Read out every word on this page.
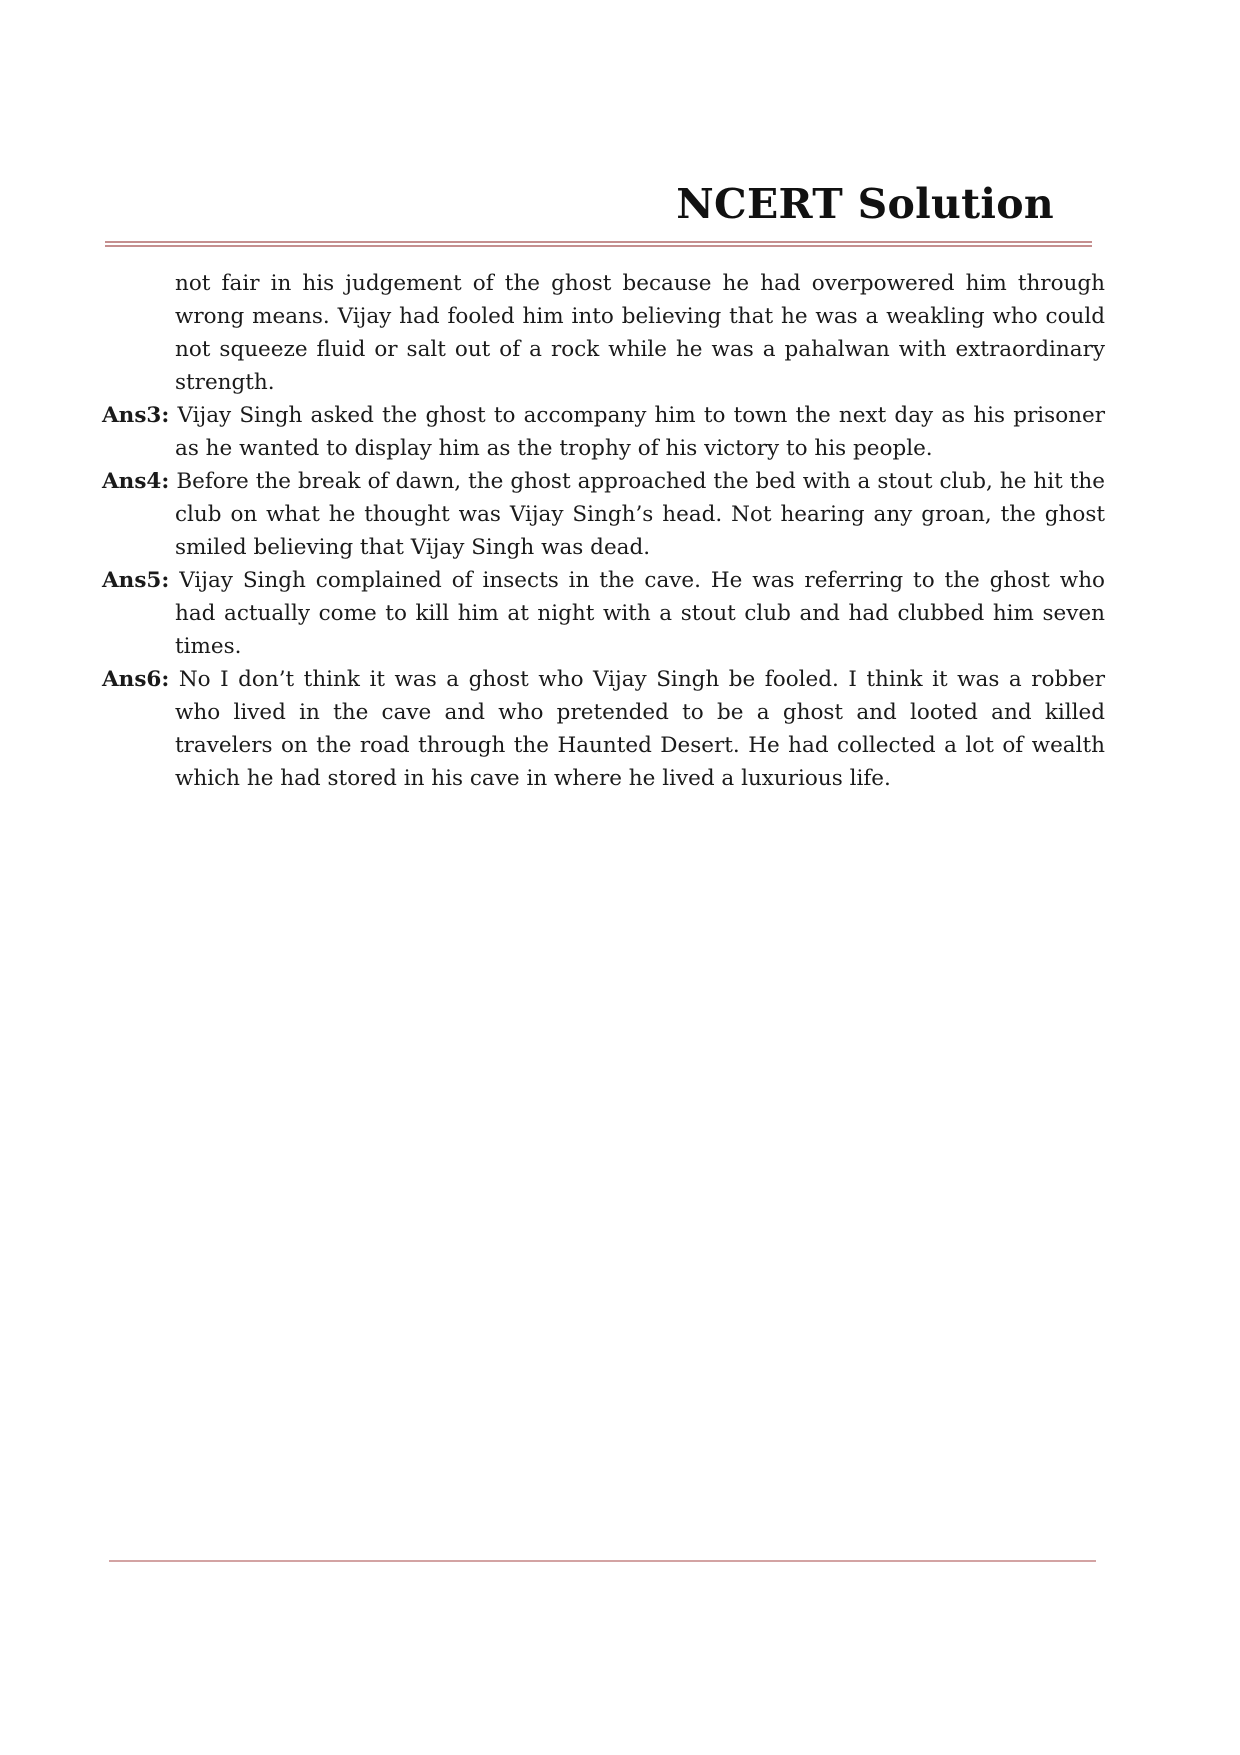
NCERT Solution

not fair in his judgement of the ghost because he had overpowered him through wrong means. Vijay had fooled him into believing that he was a weakling who could not squeeze fluid or salt out of a rock while he was a pahalwan with extraordinary strength.

Ans3: Vijay Singh asked the ghost to accompany him to town the next day as his prisoner as he wanted to display him as the trophy of his victory to his people.

Ans4: Before the break of dawn, the ghost approached the bed with a stout club, he hit the club on what he thought was Vijay Singh’s head. Not hearing any groan, the ghost smiled believing that Vijay Singh was dead.

Ans5: Vijay Singh complained of insects in the cave. He was referring to the ghost who had actually come to kill him at night with a stout club and had clubbed him seven times.

Ans6: No I don’t think it was a ghost who Vijay Singh be fooled. I think it was a robber who lived in the cave and who pretended to be a ghost and looted and killed travelers on the road through the Haunted Desert. He had collected a lot of wealth which he had stored in his cave in where he lived a luxurious life.
